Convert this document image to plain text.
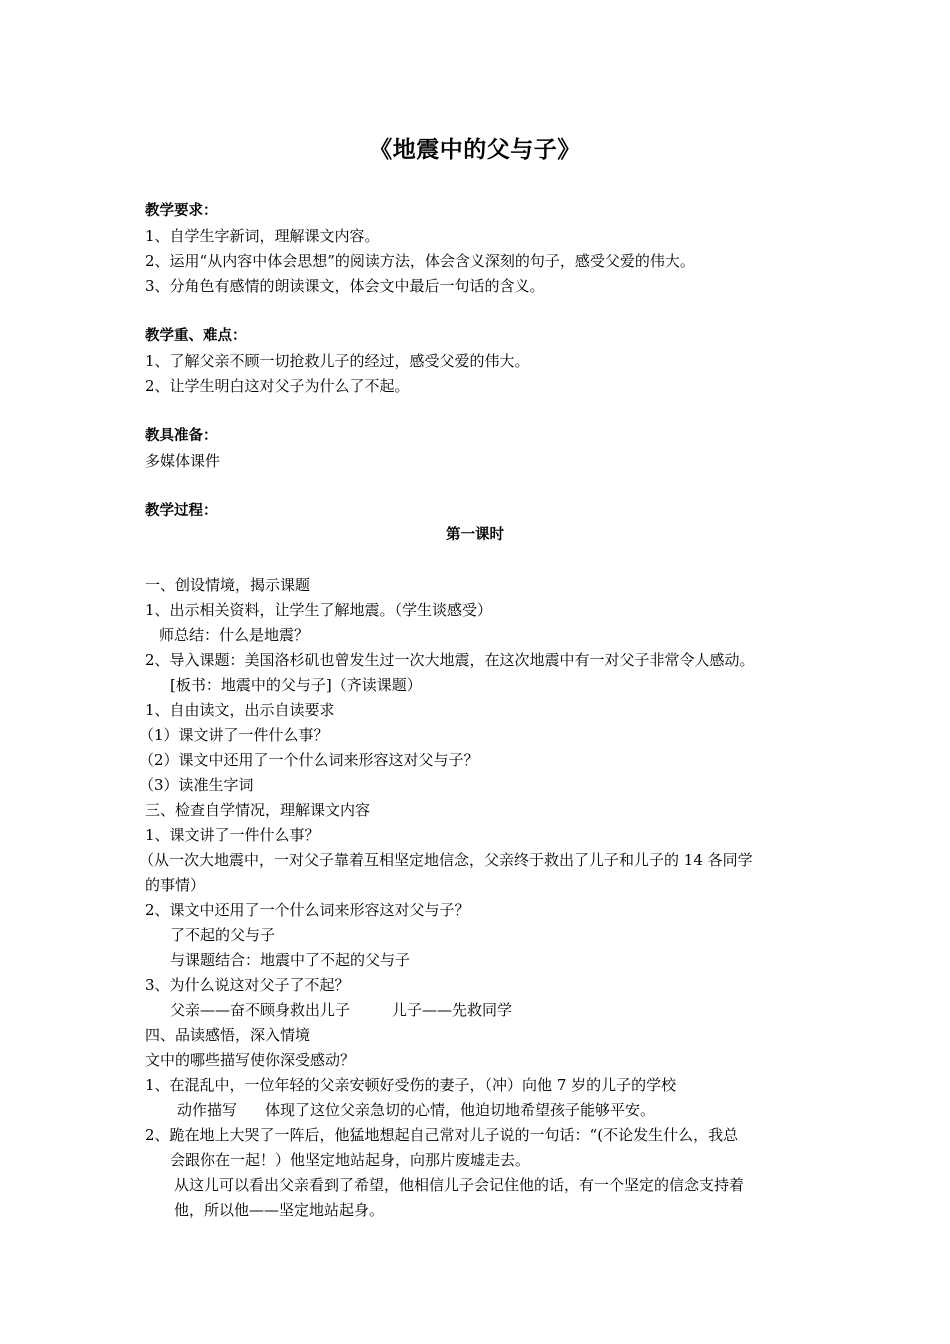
《地震中的父与子》
教学要求：
1、自学生字新词，理解课文内容。
2、运用“从内容中体会思想”的阅读方法，体会含义深刻的句子，感受父爱的伟大。
3、分角色有感情的朗读课文，体会文中最后一句话的含义。
教学重、难点：
1、了解父亲不顾一切抢救儿子的经过，感受父爱的伟大。
2、让学生明白这对父子为什么了不起。
教具准备：
多媒体课件
教学过程：
第一课时
一、创设情境，揭示课题
1、出示相关资料，让学生了解地震。（学生谈感受）
师总结：什么是地震？
2、导入课题：美国洛杉矶也曾发生过一次大地震，在这次地震中有一对父子非常令人感动。
[板书：地震中的父与子]（齐读课题）
1、自由读文，出示自读要求
（1）课文讲了一件什么事？
（2）课文中还用了一个什么词来形容这对父与子？
（3）读准生字词
三、检查自学情况，理解课文内容
1、课文讲了一件什么事？
（从一次大地震中，一对父子靠着互相坚定地信念，父亲终于救出了儿子和儿子的 14 各同学
的事情）
2、课文中还用了一个什么词来形容这对父与子？
了不起的父与子
与课题结合：地震中了不起的父与子
3、为什么说这对父子了不起？
父亲——奋不顾身救出儿子	儿子——先救同学
四、品读感悟，深入情境
文中的哪些描写使你深受感动？
1、在混乱中，一位年轻的父亲安顿好受伤的妻子，（冲）向他 7 岁的儿子的学校
动作描写 体现了这位父亲急切的心情，他迫切地希望孩子能够平安。
2、跪在地上大哭了一阵后，他猛地想起自己常对儿子说的一句话：“(不论发生什么，我总
会跟你在一起！）他坚定地站起身，向那片废墟走去。
从这儿可以看出父亲看到了希望，他相信儿子会记住他的话，有一个坚定的信念支持着
他，所以他——坚定地站起身。
